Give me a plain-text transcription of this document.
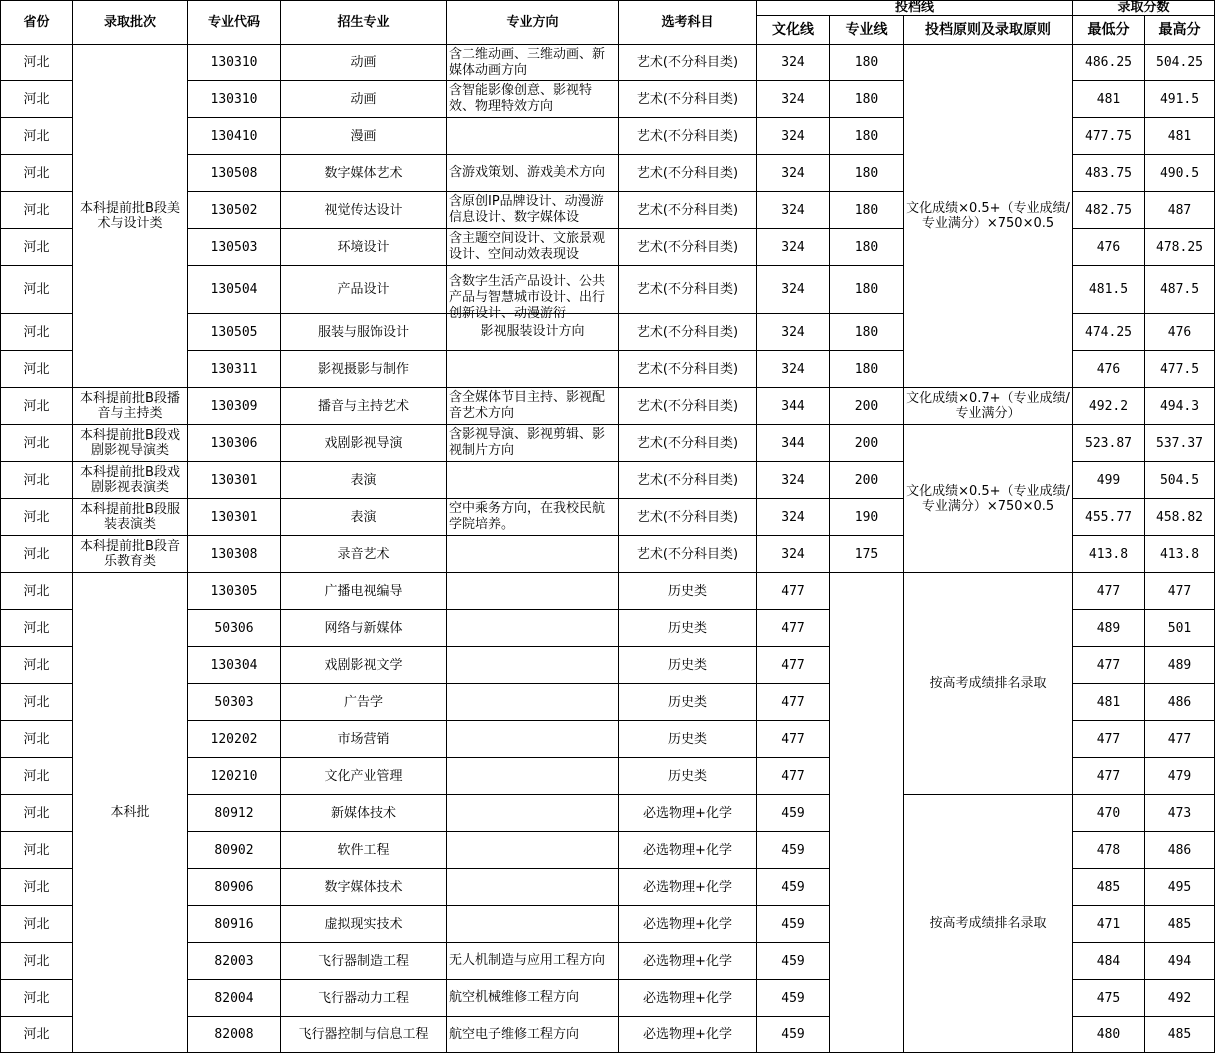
省份	录取批次	专业代码	招生专业	专业方向	选考科目	投档线			录取分数	
						文化线	专业线	投档原则及录取原则	最低分	最高分
河北	本科提前批B段美术与设计类	130310	动画	含二维动画、三维动画、新媒体动画方向	艺术(不分科目类)	324	180	文化成绩×0.5+（专业成绩/专业满分）×750×0.5	486.25	504.25
河北		130310	动画	含智能影像创意、影视特效、物理特效方向	艺术(不分科目类)	324	180		481	491.5
河北		130410	漫画		艺术(不分科目类)	324	180		477.75	481
河北		130508	数字媒体艺术	含游戏策划、游戏美术方向	艺术(不分科目类)	324	180		483.75	490.5
河北		130502	视觉传达设计	含原创IP品牌设计、动漫游信息设计、数字媒体设	艺术(不分科目类)	324	180		482.75	487
河北		130503	环境设计	含主题空间设计、文旅景观设计、空间动效表现设	艺术(不分科目类)	324	180		476	478.25
河北		130504	产品设计	含数字生活产品设计、公共产品与智慧城市设计、出行创新设计、动漫游衍	艺术(不分科目类)	324	180		481.5	487.5
河北		130505	服装与服饰设计	影视服装设计方向	艺术(不分科目类)	324	180		474.25	476
河北		130311	影视摄影与制作		艺术(不分科目类)	324	180		476	477.5
河北	本科提前批B段播音与主持类	130309	播音与主持艺术	含全媒体节目主持、影视配音艺术方向	艺术(不分科目类)	344	200	文化成绩×0.7+（专业成绩/专业满分）	492.2	494.3
河北	本科提前批B段戏剧影视导演类	130306	戏剧影视导演	含影视导演、影视剪辑、影视制片方向	艺术(不分科目类)	344	200	文化成绩×0.5+（专业成绩/专业满分）×750×0.5	523.87	537.37
河北	本科提前批B段戏剧影视表演类	130301	表演		艺术(不分科目类)	324	200		499	504.5
河北	本科提前批B段服装表演类	130301	表演	空中乘务方向，在我校民航学院培养。	艺术(不分科目类)	324	190		455.77	458.82
河北	本科提前批B段音乐教育类	130308	录音艺术		艺术(不分科目类)	324	175		413.8	413.8
河北	本科批	130305	广播电视编导		历史类	477		按高考成绩排名录取	477	477
河北		50306	网络与新媒体		历史类	477			489	501
河北		130304	戏剧影视文学		历史类	477			477	489
河北		50303	广告学		历史类	477			481	486
河北		120202	市场营销		历史类	477			477	477
河北		120210	文化产业管理		历史类	477			477	479
河北		80912	新媒体技术		必选物理+化学	459		按高考成绩排名录取	470	473
河北		80902	软件工程		必选物理+化学	459			478	486
河北		80906	数字媒体技术		必选物理+化学	459			485	495
河北		80916	虚拟现实技术		必选物理+化学	459			471	485
河北		82003	飞行器制造工程	无人机制造与应用工程方向	必选物理+化学	459			484	494
河北		82004	飞行器动力工程	航空机械维修工程方向	必选物理+化学	459			475	492
河北		82008	飞行器控制与信息工程	航空电子维修工程方向	必选物理+化学	459			480	485
